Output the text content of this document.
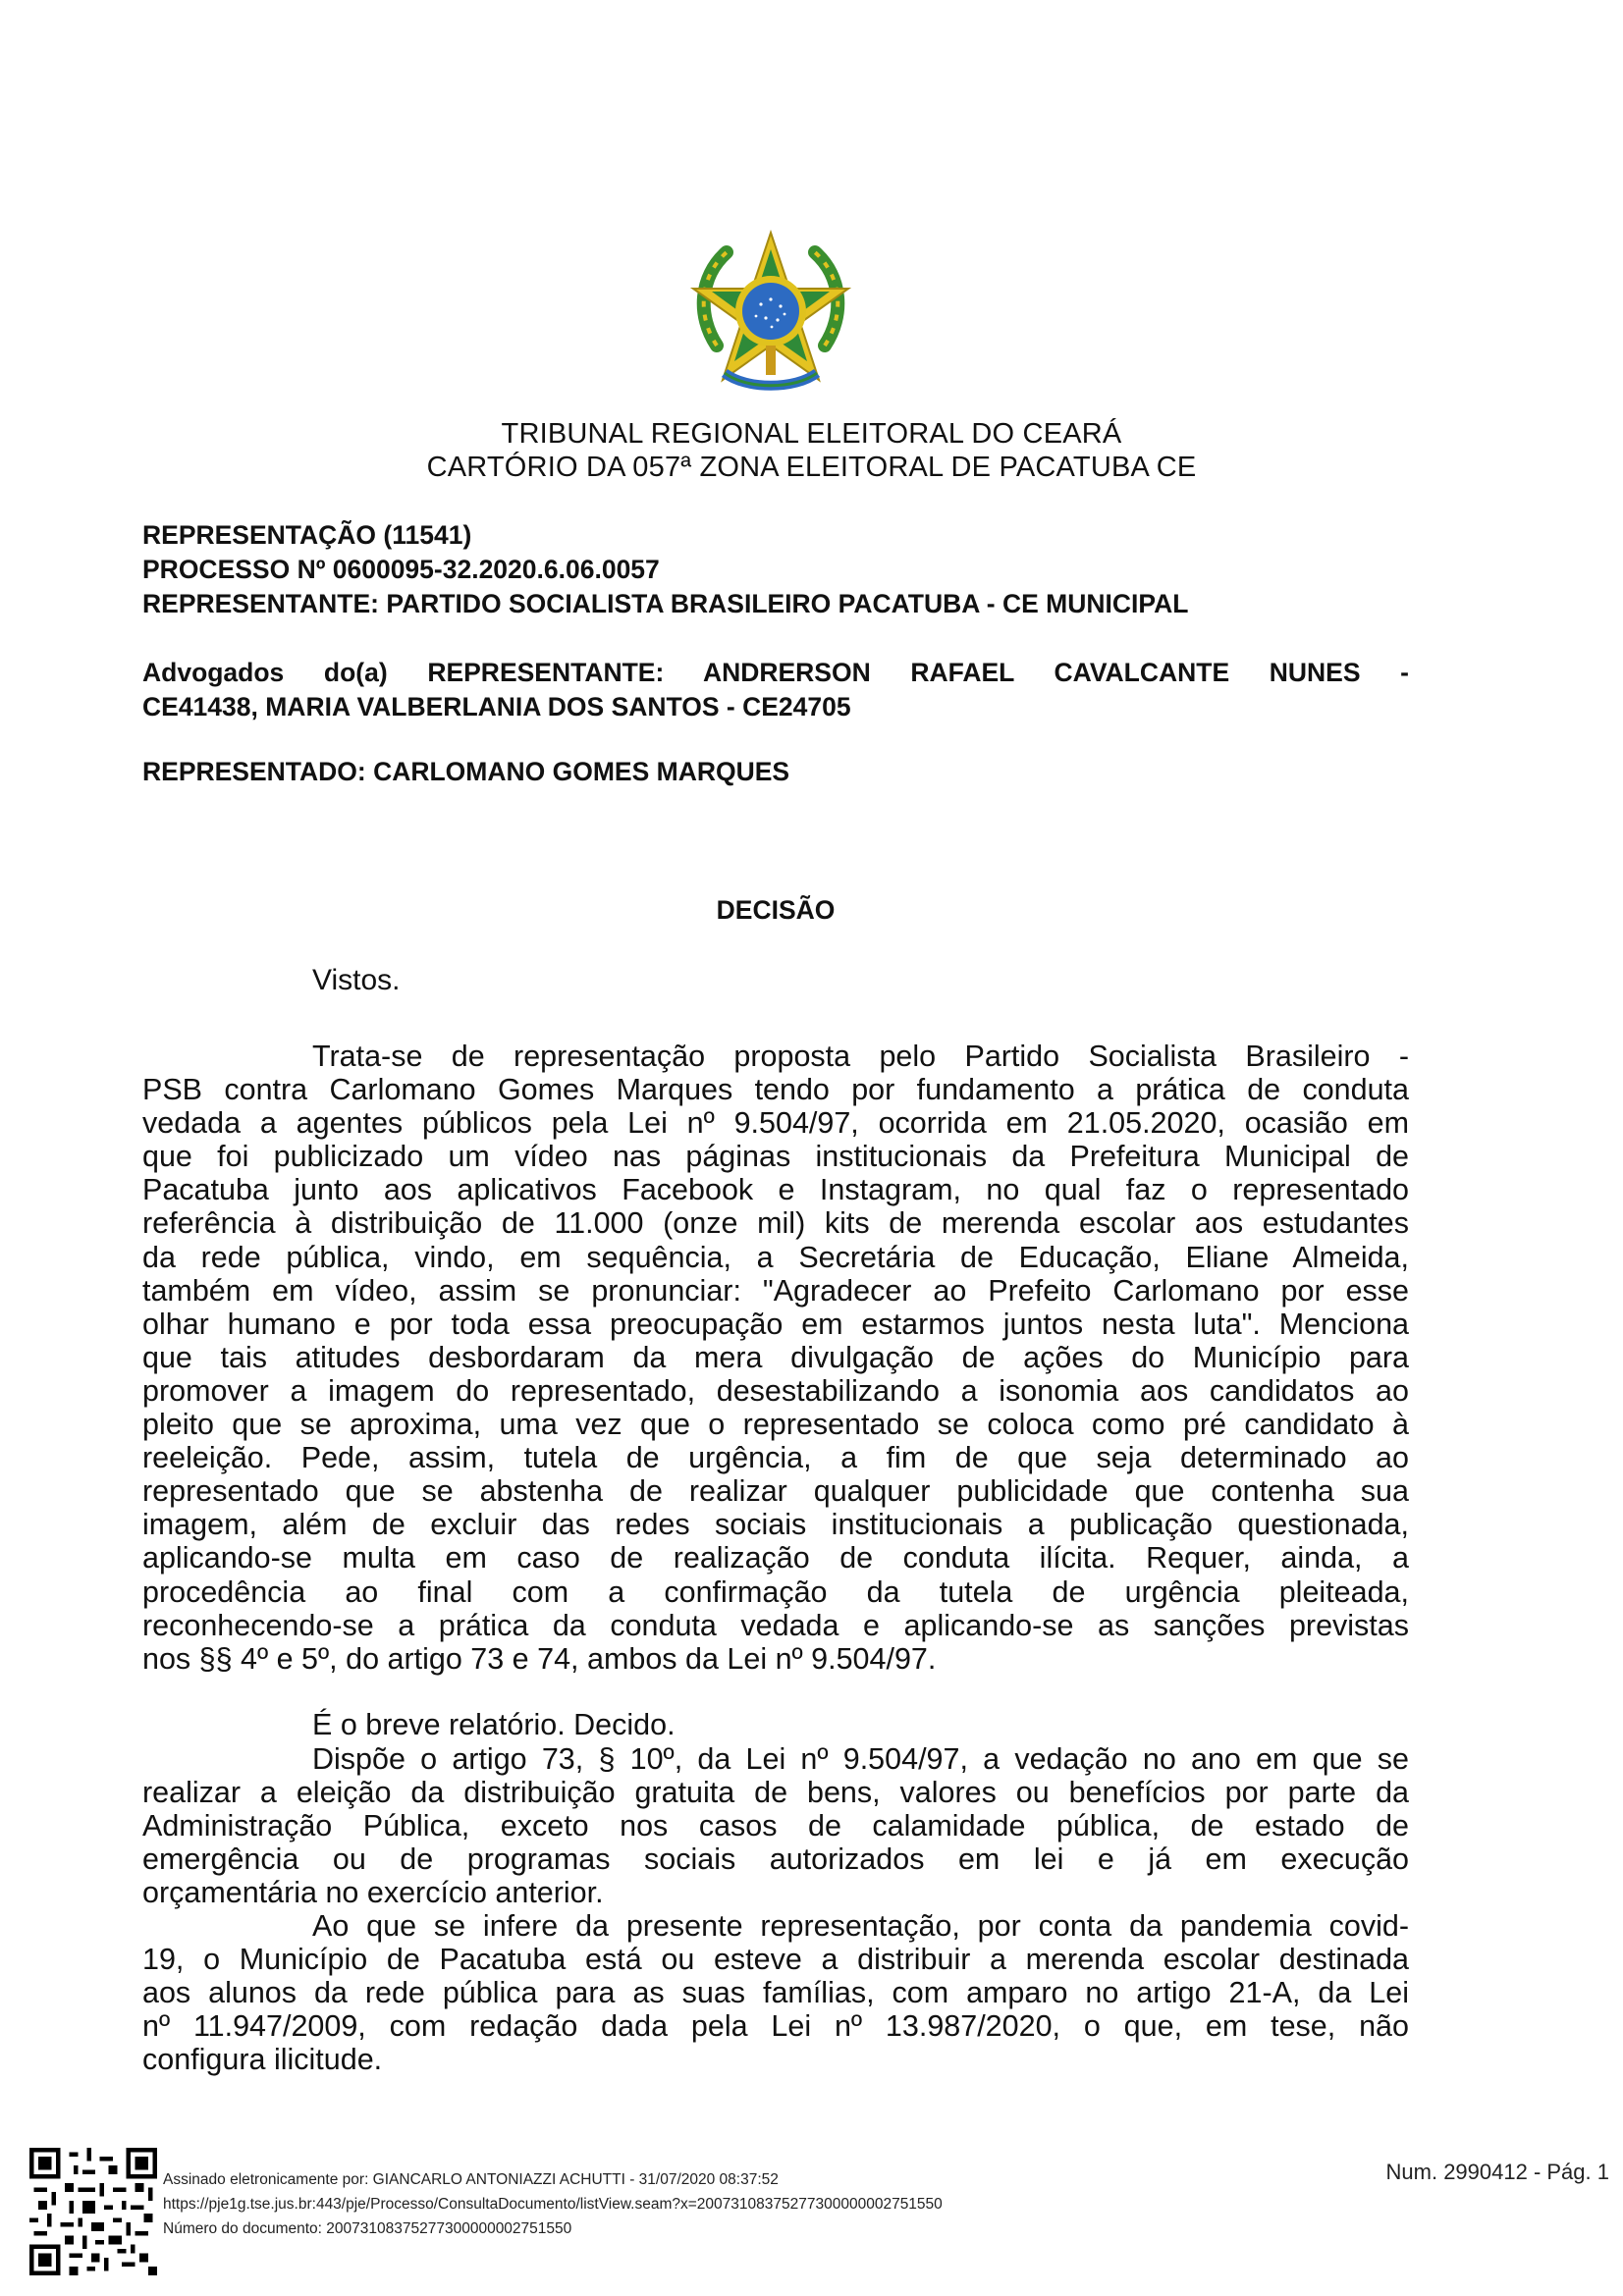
TRIBUNAL REGIONAL ELEITORAL DO CEARÁ
CARTÓRIO DA 057ª ZONA ELEITORAL DE PACATUBA CE
REPRESENTAÇÃO (11541)
PROCESSO Nº 0600095-32.2020.6.06.0057
REPRESENTANTE: PARTIDO SOCIALISTA BRASILEIRO PACATUBA - CE MUNICIPAL
Advogados do(a) REPRESENTANTE: ANDRERSON RAFAEL CAVALCANTE NUNES -
CE41438, MARIA VALBERLANIA DOS SANTOS - CE24705
REPRESENTADO: CARLOMANO GOMES MARQUES
DECISÃO
Vistos.
Trata-se de representação proposta pelo Partido Socialista Brasileiro -
PSB contra Carlomano Gomes Marques tendo por fundamento a prática de conduta
vedada a agentes públicos pela Lei nº 9.504/97, ocorrida em 21.05.2020, ocasião em
que foi publicizado um vídeo nas páginas institucionais da Prefeitura Municipal de
Pacatuba junto aos aplicativos Facebook e Instagram, no qual faz o representado
referência à distribuição de 11.000 (onze mil) kits de merenda escolar aos estudantes
da rede pública, vindo, em sequência, a Secretária de Educação, Eliane Almeida,
também em vídeo, assim se pronunciar: "Agradecer ao Prefeito Carlomano por esse
olhar humano e por toda essa preocupação em estarmos juntos nesta luta". Menciona
que tais atitudes desbordaram da mera divulgação de ações do Município para
promover a imagem do representado, desestabilizando a isonomia aos candidatos ao
pleito que se aproxima, uma vez que o representado se coloca como pré candidato à
reeleição. Pede, assim, tutela de urgência, a fim de que seja determinado ao
representado que se abstenha de realizar qualquer publicidade que contenha sua
imagem, além de excluir das redes sociais institucionais a publicação questionada,
aplicando-se multa em caso de realização de conduta ilícita. Requer, ainda, a
procedência ao final com a confirmação da tutela de urgência pleiteada,
reconhecendo-se a prática da conduta vedada e aplicando-se as sanções previstas
nos §§ 4º e 5º, do artigo 73 e 74, ambos da Lei nº 9.504/97.
É o breve relatório. Decido.
Dispõe o artigo 73, § 10º, da Lei nº 9.504/97, a vedação no ano em que se
realizar a eleição da distribuição gratuita de bens, valores ou benefícios por parte da
Administração Pública, exceto nos casos de calamidade pública, de estado de
emergência ou de programas sociais autorizados em lei e já em execução
orçamentária no exercício anterior.
Ao que se infere da presente representação, por conta da pandemia covid-
19, o Município de Pacatuba está ou esteve a distribuir a merenda escolar destinada
aos alunos da rede pública para as suas famílias, com amparo no artigo 21-A, da Lei
nº 11.947/2009, com redação dada pela Lei nº 13.987/2020, o que, em tese, não
configura ilicitude.
Assinado eletronicamente por: GIANCARLO ANTONIAZZI ACHUTTI - 31/07/2020 08:37:52
https://pje1g.tse.jus.br:443/pje/Processo/ConsultaDocumento/listView.seam?x=20073108375277300000002751550
Número do documento: 20073108375277300000002751550
Num. 2990412 - Pág. 1
